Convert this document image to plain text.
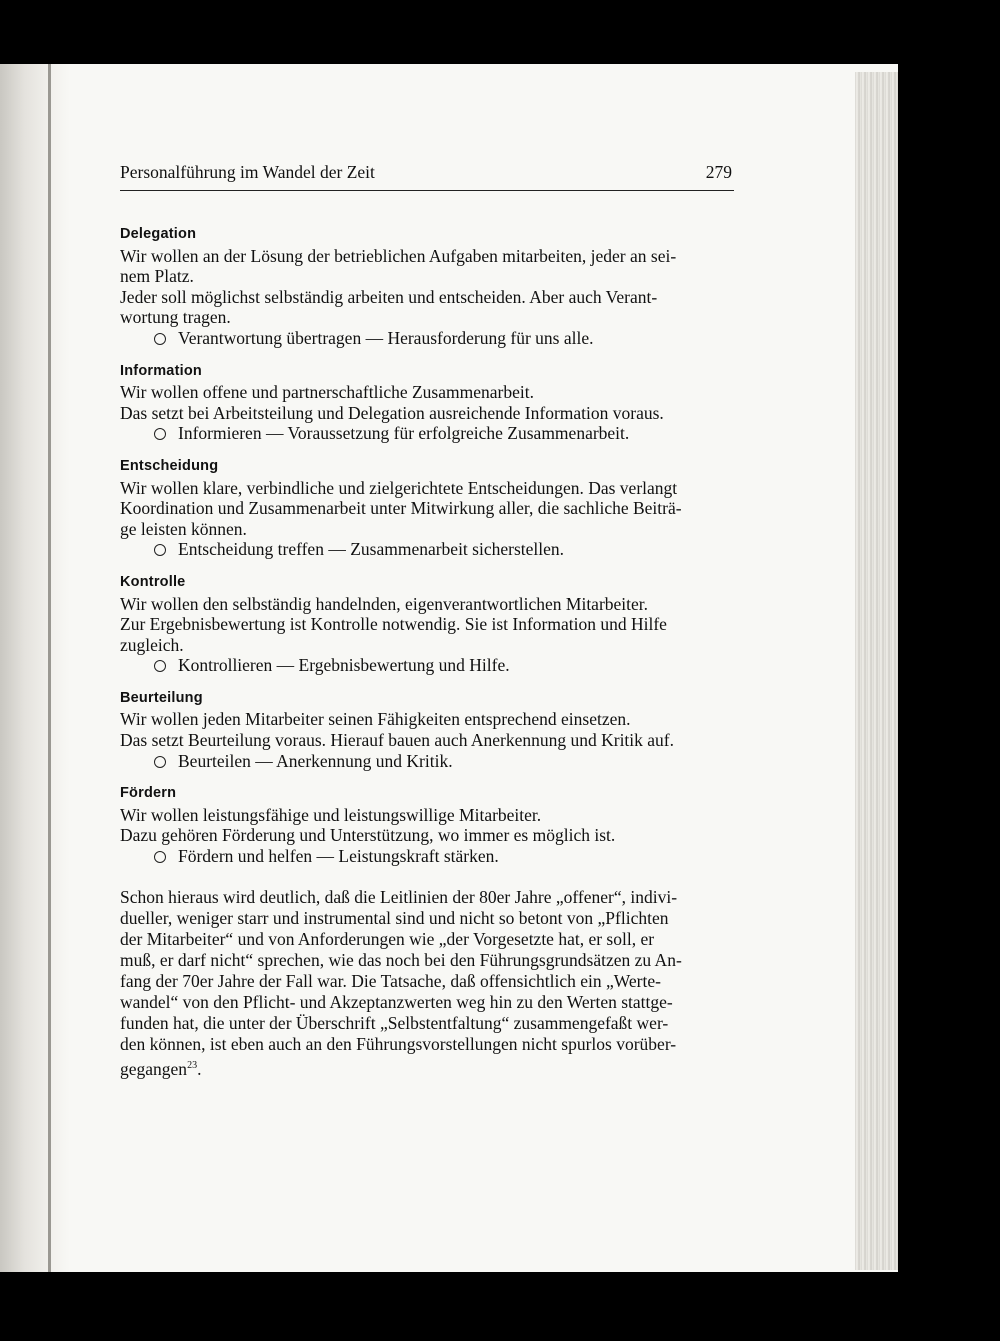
Personalführung im Wandel der Zeit	279
Delegation
Wir wollen an der Lösung der betrieblichen Aufgaben mitarbeiten, jeder an sei-
nem Platz.
Jeder soll möglichst selbständig arbeiten und entscheiden. Aber auch Verant-
wortung tragen.
Verantwortung übertragen — Herausforderung für uns alle.
Information
Wir wollen offene und partnerschaftliche Zusammenarbeit.
Das setzt bei Arbeitsteilung und Delegation ausreichende Information voraus.
Informieren — Voraussetzung für erfolgreiche Zusammenarbeit.
Entscheidung
Wir wollen klare, verbindliche und zielgerichtete Entscheidungen. Das verlangt
Koordination und Zusammenarbeit unter Mitwirkung aller, die sachliche Beiträ-
ge leisten können.
Entscheidung treffen — Zusammenarbeit sicherstellen.
Kontrolle
Wir wollen den selbständig handelnden, eigenverantwortlichen Mitarbeiter.
Zur Ergebnisbewertung ist Kontrolle notwendig. Sie ist Information und Hilfe
zugleich.
Kontrollieren — Ergebnisbewertung und Hilfe.
Beurteilung
Wir wollen jeden Mitarbeiter seinen Fähigkeiten entsprechend einsetzen.
Das setzt Beurteilung voraus. Hierauf bauen auch Anerkennung und Kritik auf.
Beurteilen — Anerkennung und Kritik.
Fördern
Wir wollen leistungsfähige und leistungswillige Mitarbeiter.
Dazu gehören Förderung und Unterstützung, wo immer es möglich ist.
Fördern und helfen — Leistungskraft stärken.
Schon hieraus wird deutlich, daß die Leitlinien der 80er Jahre „offener“, indivi-
dueller, weniger starr und instrumental sind und nicht so betont von „Pflichten
der Mitarbeiter“ und von Anforderungen wie „der Vorgesetzte hat, er soll, er
muß, er darf nicht“ sprechen, wie das noch bei den Führungsgrundsätzen zu An-
fang der 70er Jahre der Fall war. Die Tatsache, daß offensichtlich ein „Werte-
wandel“ von den Pflicht- und Akzeptanzwerten weg hin zu den Werten stattge-
funden hat, die unter der Überschrift „Selbstentfaltung“ zusammengefaßt wer-
den können, ist eben auch an den Führungsvorstellungen nicht spurlos vorüber-
gegangen$^{23}$.
